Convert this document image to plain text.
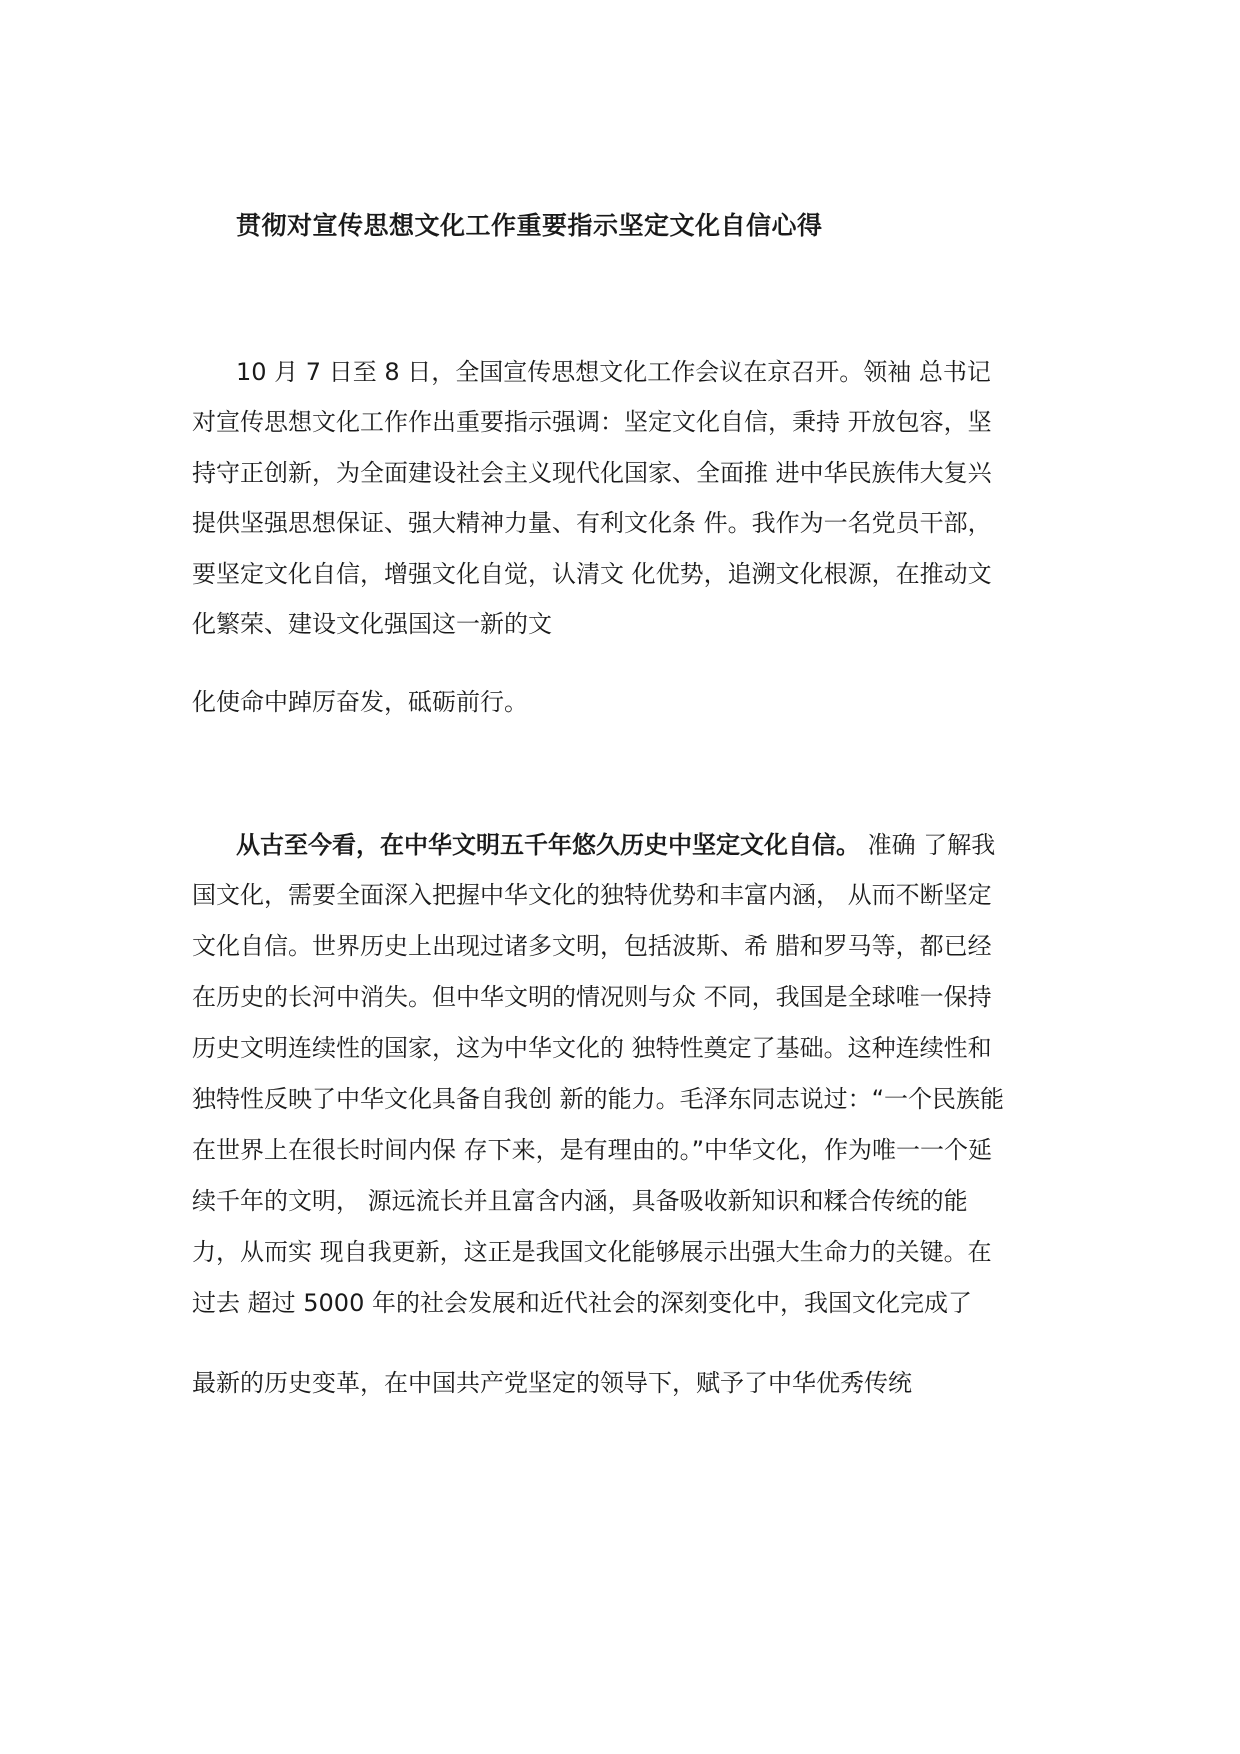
贯彻对宣传思想文化工作重要指示坚定文化自信心得
10 月 7 日至 8 日，全国宣传思想文化工作会议在京召开。领袖 总书记
对宣传思想文化工作作出重要指示强调：坚定文化自信，秉持 开放包容，坚
持守正创新，为全面建设社会主义现代化国家、全面推 进中华民族伟大复兴
提供坚强思想保证、强大精神力量、有利文化条 件。我作为一名党员干部，
要坚定文化自信，增强文化自觉，认清文 化优势，追溯文化根源，在推动文
化繁荣、建设文化强国这一新的文
化使命中踔厉奋发，砥砺前行。
从古至今看，在中华文明五千年悠久历史中坚定文化自信。 准确 了解我
国文化，需要全面深入把握中华文化的独特优势和丰富内涵， 从而不断坚定
文化自信。世界历史上出现过诸多文明，包括波斯、希 腊和罗马等，都已经
在历史的长河中消失。但中华文明的情况则与众 不同，我国是全球唯一保持
历史文明连续性的国家，这为中华文化的 独特性奠定了基础。这种连续性和
独特性反映了中华文化具备自我创 新的能力。毛泽东同志说过：“一个民族能
在世界上在很长时间内保 存下来，是有理由的。”中华文化，作为唯一一个延
续千年的文明， 源远流长并且富含内涵，具备吸收新知识和糅合传统的能
力，从而实 现自我更新，这正是我国文化能够展示出强大生命力的关键。在
过去 超过 5000 年的社会发展和近代社会的深刻变化中，我国文化完成了
最新的历史变革，在中国共产党坚定的领导下，赋予了中华优秀传统
